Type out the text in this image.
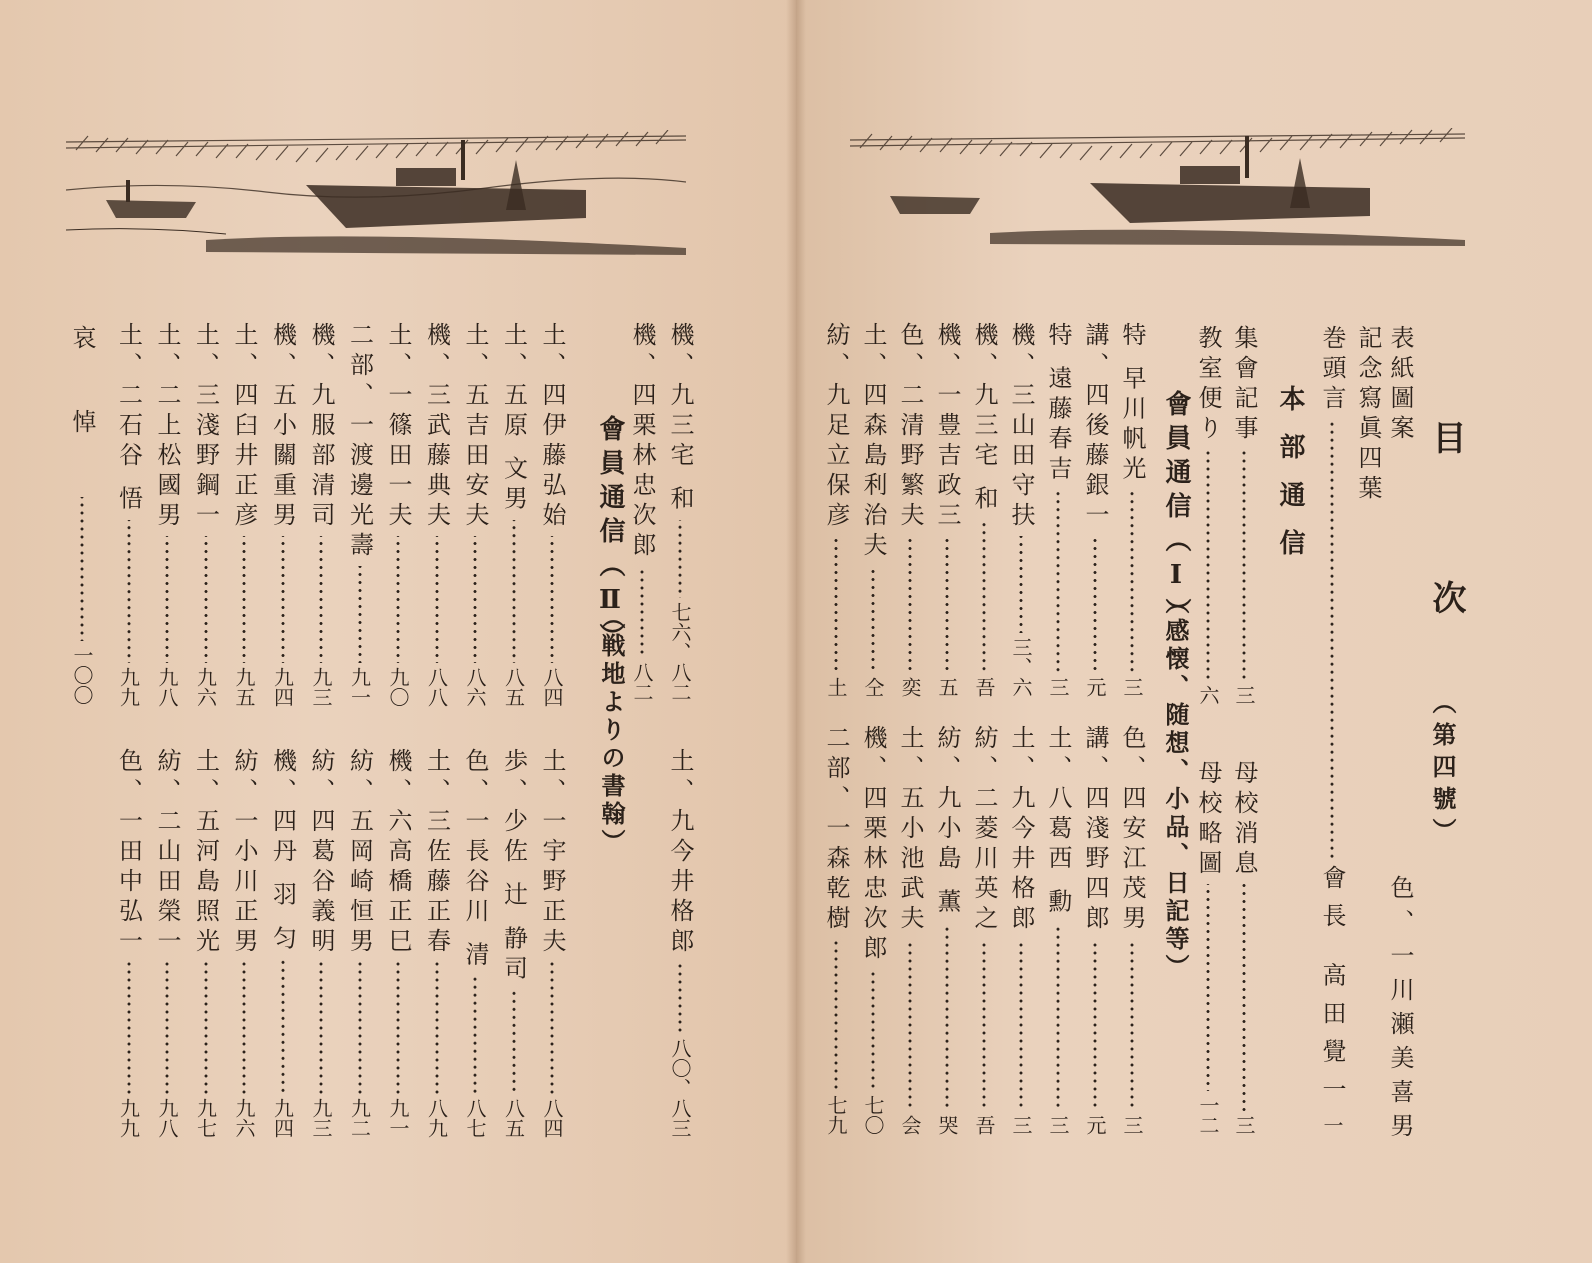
目
次
（第四號）
表紙圖案
色、一川瀬美喜男
記念寫眞四葉
巻頭言
會長 高田覺一
一
本部通信
集會記事
三
母校消息
三
教室便り
六
母校略圖
一二
會員通信（Ⅰ）
（感懐、随想、小品、日記等）
特 早川帆光
三
色、四安江茂男
三
講、四後藤銀一
元
講、四淺野四郎
元
特 遠藤春吉
三
土、八葛西 勳
三
機、三山田守扶
三、六
土、九今井格郎
三
機、九三宅 和
吾
紡、二菱川英之
吾
機、一豊吉政三
五
紡、九小島 薫
哭
色、二清野繁夫
奕
土、五小池武夫
会
土、四森島利治夫
仝
機、四栗林忠次郎
七〇
紡、九足立保彦
土
二部、一森乾樹
七九
機、九三宅 和
七六、八二
土、九今井格郎
八〇、八三
機、四栗林忠次郎
八二
會員通信（Ⅱ）
（戦地よりの書翰）
土、四伊藤弘始
八四
土、一宇野正夫
八四
土、五原 文男
八五
歩、少佐 辻 静司
八五
土、五吉田安夫
八六
色、一長谷川 清
八七
機、三武藤典夫
八八
土、三佐藤正春
八九
土、一篠田一夫
九〇
機、六高橋正巳
九一
二部、一渡邊光壽
九一
紡、五岡崎恒男
九二
機、九服部清司
九三
紡、四葛谷義明
九三
機、五小關重男
九四
機、四丹 羽 匀
九四
土、四臼井正彦
九五
紡、一小川正男
九六
土、三淺野鋼一
九六
土、五河島照光
九七
土、二上松國男
九八
紡、二山田榮一
九八
土、二石谷 悟
九九
色、一田中弘一
九九
哀悼
一〇〇
